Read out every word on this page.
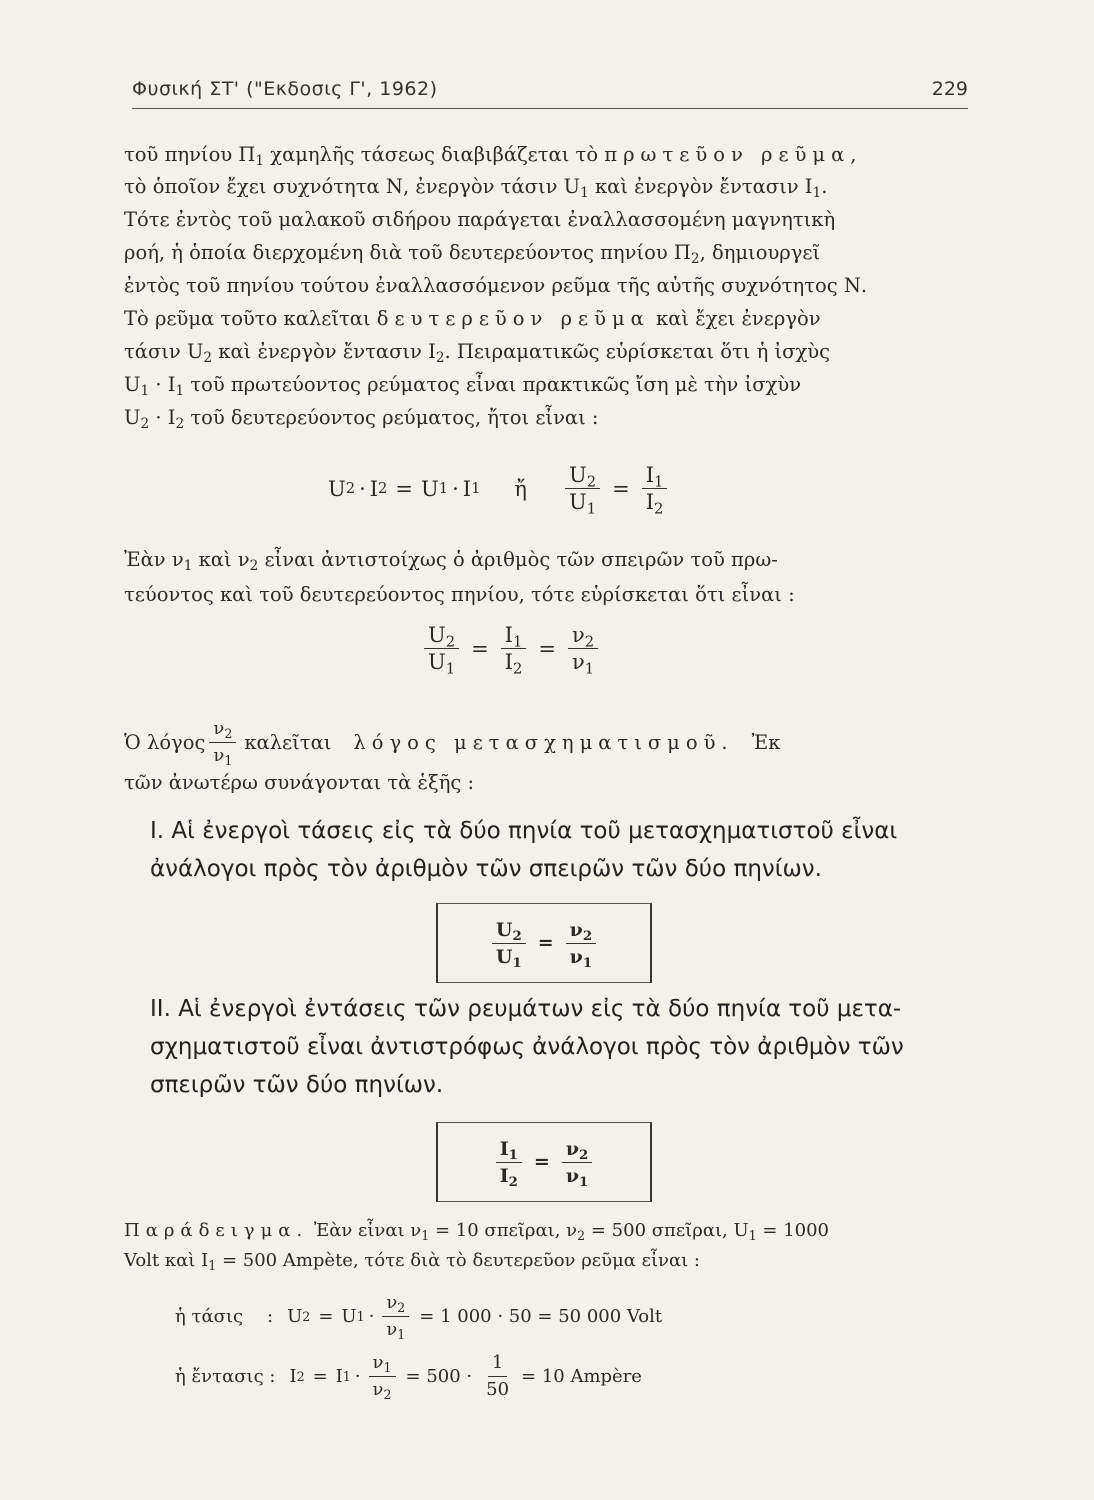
Φυσική ΣΤ' ("Εκδοσις Γ', 1962)	229
τοῦ πηνίου $\Pi_1$ χαμηλῆς τάσεως διαβιβάζεται τὸ πρωτεῦον ρεῦμα,
τὸ ὁποῖον ἔχει συχνότητα Ν, ἐνεργὸν τάσιν $U_1$ καὶ ἐνεργὸν ἔντασιν $I_1$.
Τότε ἐντὸς τοῦ μαλακοῦ σιδήρου παράγεται ἐναλλασσομένη μαγνητικὴ
ροή, ἡ ὁποία διερχομένη διὰ τοῦ δευτερεύοντος πηνίου $\Pi_2$, δημιουργεῖ
ἐντὸς τοῦ πηνίου τούτου ἐναλλασσόμενον ρεῦμα τῆς αὐτῆς συχνότητος Ν.
Τὸ ρεῦμα τοῦτο καλεῖται δευτερεῦον ρεῦμα καὶ ἔχει ἐνεργὸν
τάσιν $U_2$ καὶ ἐνεργὸν ἔντασιν $I_2$. Πειραματικῶς εὑρίσκεται ὅτι ἡ ἰσχὺς
$U_1 \cdot I_1$ τοῦ πρωτεύοντος ρεύματος εἶναι πρακτικῶς ἴση μὲ τὴν ἰσχὺν
$U_2 \cdot I_2$ τοῦ δευτερεύοντος ρεύματος, ἤτοι εἶναι :
U 2 · I 2 = U 1 · I 1 ἤ $\frac{U_2}{U_1} = \frac{I_1}{I_2}$
Ἐὰν $\nu_1$ καὶ $\nu_2$ εἶναι ἀντιστοίχως ὁ ἀριθμὸς τῶν σπειρῶν τοῦ πρω-
τεύοντος καὶ τοῦ δευτερεύοντος πηνίου, τότε εὑρίσκεται ὅτι εἶναι :
$\frac{U_2}{U_1} = \frac{I_1}{I_2} = \frac{\nu_2}{\nu_1}$
Ὁ λόγος $\frac{\nu_2}{\nu_1}$ καλεῖται λόγος μετασχηματισμοῦ. Ἐκ
τῶν ἀνωτέρω συνάγονται τὰ ἑξῆς :
I. Αἱ ἐνεργοὶ τάσεις εἰς τὰ δύο πηνία τοῦ μετασχηματιστοῦ εἶναι
ἀνάλογοι πρὸς τὸν ἀριθμὸν τῶν σπειρῶν τῶν δύο πηνίων.
$\frac{U_2}{U_1} = \frac{\nu_2}{\nu_1}$
II. Αἱ ἐνεργοὶ ἐντάσεις τῶν ρευμάτων εἰς τὰ δύο πηνία τοῦ μετα-
σχηματιστοῦ εἶναι ἀντιστρόφως ἀνάλογοι πρὸς τὸν ἀριθμὸν τῶν
σπειρῶν τῶν δύο πηνίων.
$\frac{I_1}{I_2} = \frac{\nu_2}{\nu_1}$
Παράδειγμα. Ἐὰν εἶναι $\nu_1 = 10$ σπεῖραι, $\nu_2 = 500$ σπεῖραι, $U_1 = 1000$
Volt καὶ $I_1 = 500$ Ampète, τότε διὰ τὸ δευτερεῦον ρεῦμα εἶναι :
ἡ τάσις : U 2 = U $1 \cdot \frac{\nu_2}{\nu_1} = 1$ 000 · 50 = 50 000 Volt
ἡ ἔντασις : I 2 = I $1 \cdot \frac{\nu_1}{\nu_2} = 500 \cdot \frac{1}{50} = 10$ Ampère
